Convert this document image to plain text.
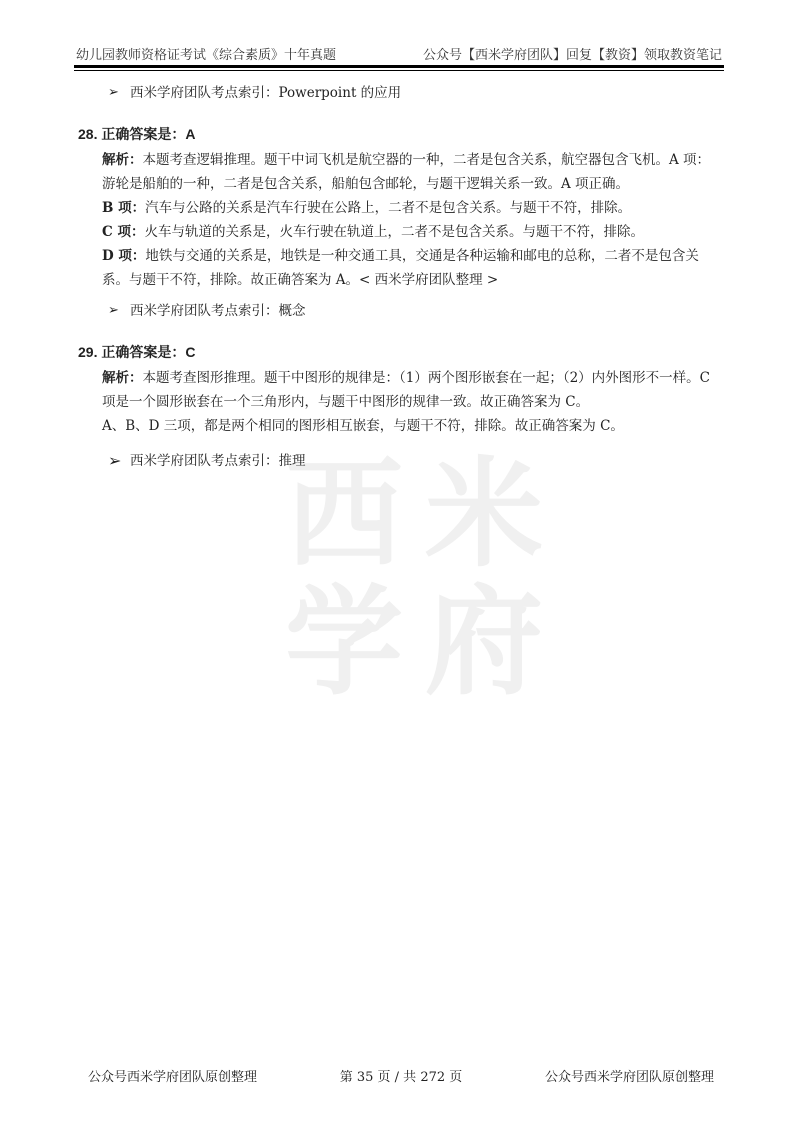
幼儿园教师资格证考试《综合素质》十年真题	公众号【西米学府团队】回复【教资】领取教资笔记
西 米
学 府
➢ 西米学府团队考点索引：Powerpoint 的应用
28. 正确答案是：A
解析：本题考查逻辑推理。题干中词飞机是航空器的一种，二者是包含关系，航空器包含飞机。A 项：游轮是船舶的一种，二者是包含关系，船舶包含邮轮，与题干逻辑关系一致。A 项正确。
B 项：汽车与公路的关系是汽车行驶在公路上，二者不是包含关系。与题干不符，排除。
C 项：火车与轨道的关系是，火车行驶在轨道上，二者不是包含关系。与题干不符，排除。
D 项：地铁与交通的关系是，地铁是一种交通工具，交通是各种运输和邮电的总称，二者不是包含关系。与题干不符，排除。故正确答案为 A。< 西米学府团队整理 >
➢ 西米学府团队考点索引：概念
29. 正确答案是：C
解析：本题考查图形推理。题干中图形的规律是：（1）两个图形嵌套在一起；（2）内外图形不一样。C 项是一个圆形嵌套在一个三角形内，与题干中图形的规律一致。故正确答案为 C。
A、B、D 三项，都是两个相同的图形相互嵌套，与题干不符，排除。故正确答案为 C。
➢ 西米学府团队考点索引：推理
公众号西米学府团队原创整理	公众号西米学府团队原创整理
第 35 页 / 共 272 页
